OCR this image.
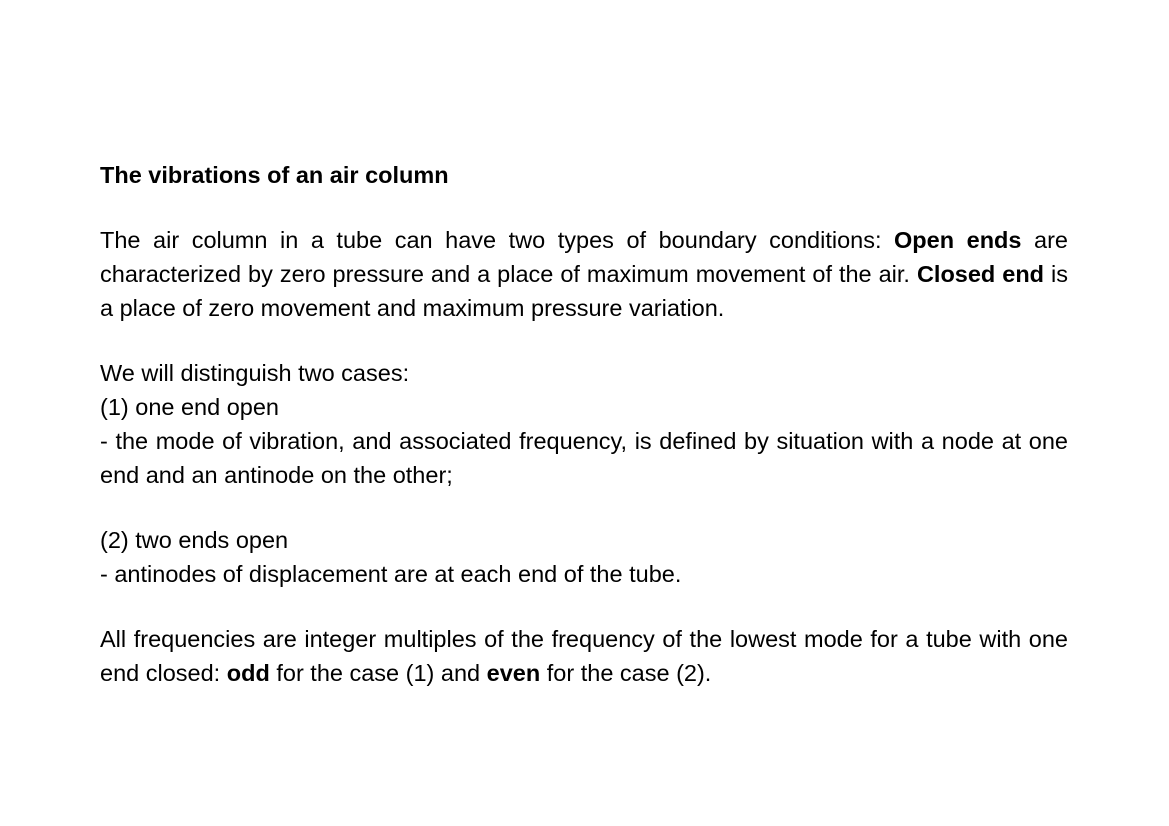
The vibrations of an air column
The air column in a tube can have two types of boundary conditions: Open ends are characterized by zero pressure and a place of maximum movement of the air. Closed end is a place of zero movement and maximum pressure variation.
We will distinguish two cases:
(1) one end open
- the mode of vibration, and associated frequency, is defined by situation with a node at one end and an antinode on the other;
(2) two ends open
- antinodes of displacement are at each end of the tube.
All frequencies are integer multiples of the frequency of the lowest mode for a tube with one end closed: odd for the case (1) and even for the case (2).
